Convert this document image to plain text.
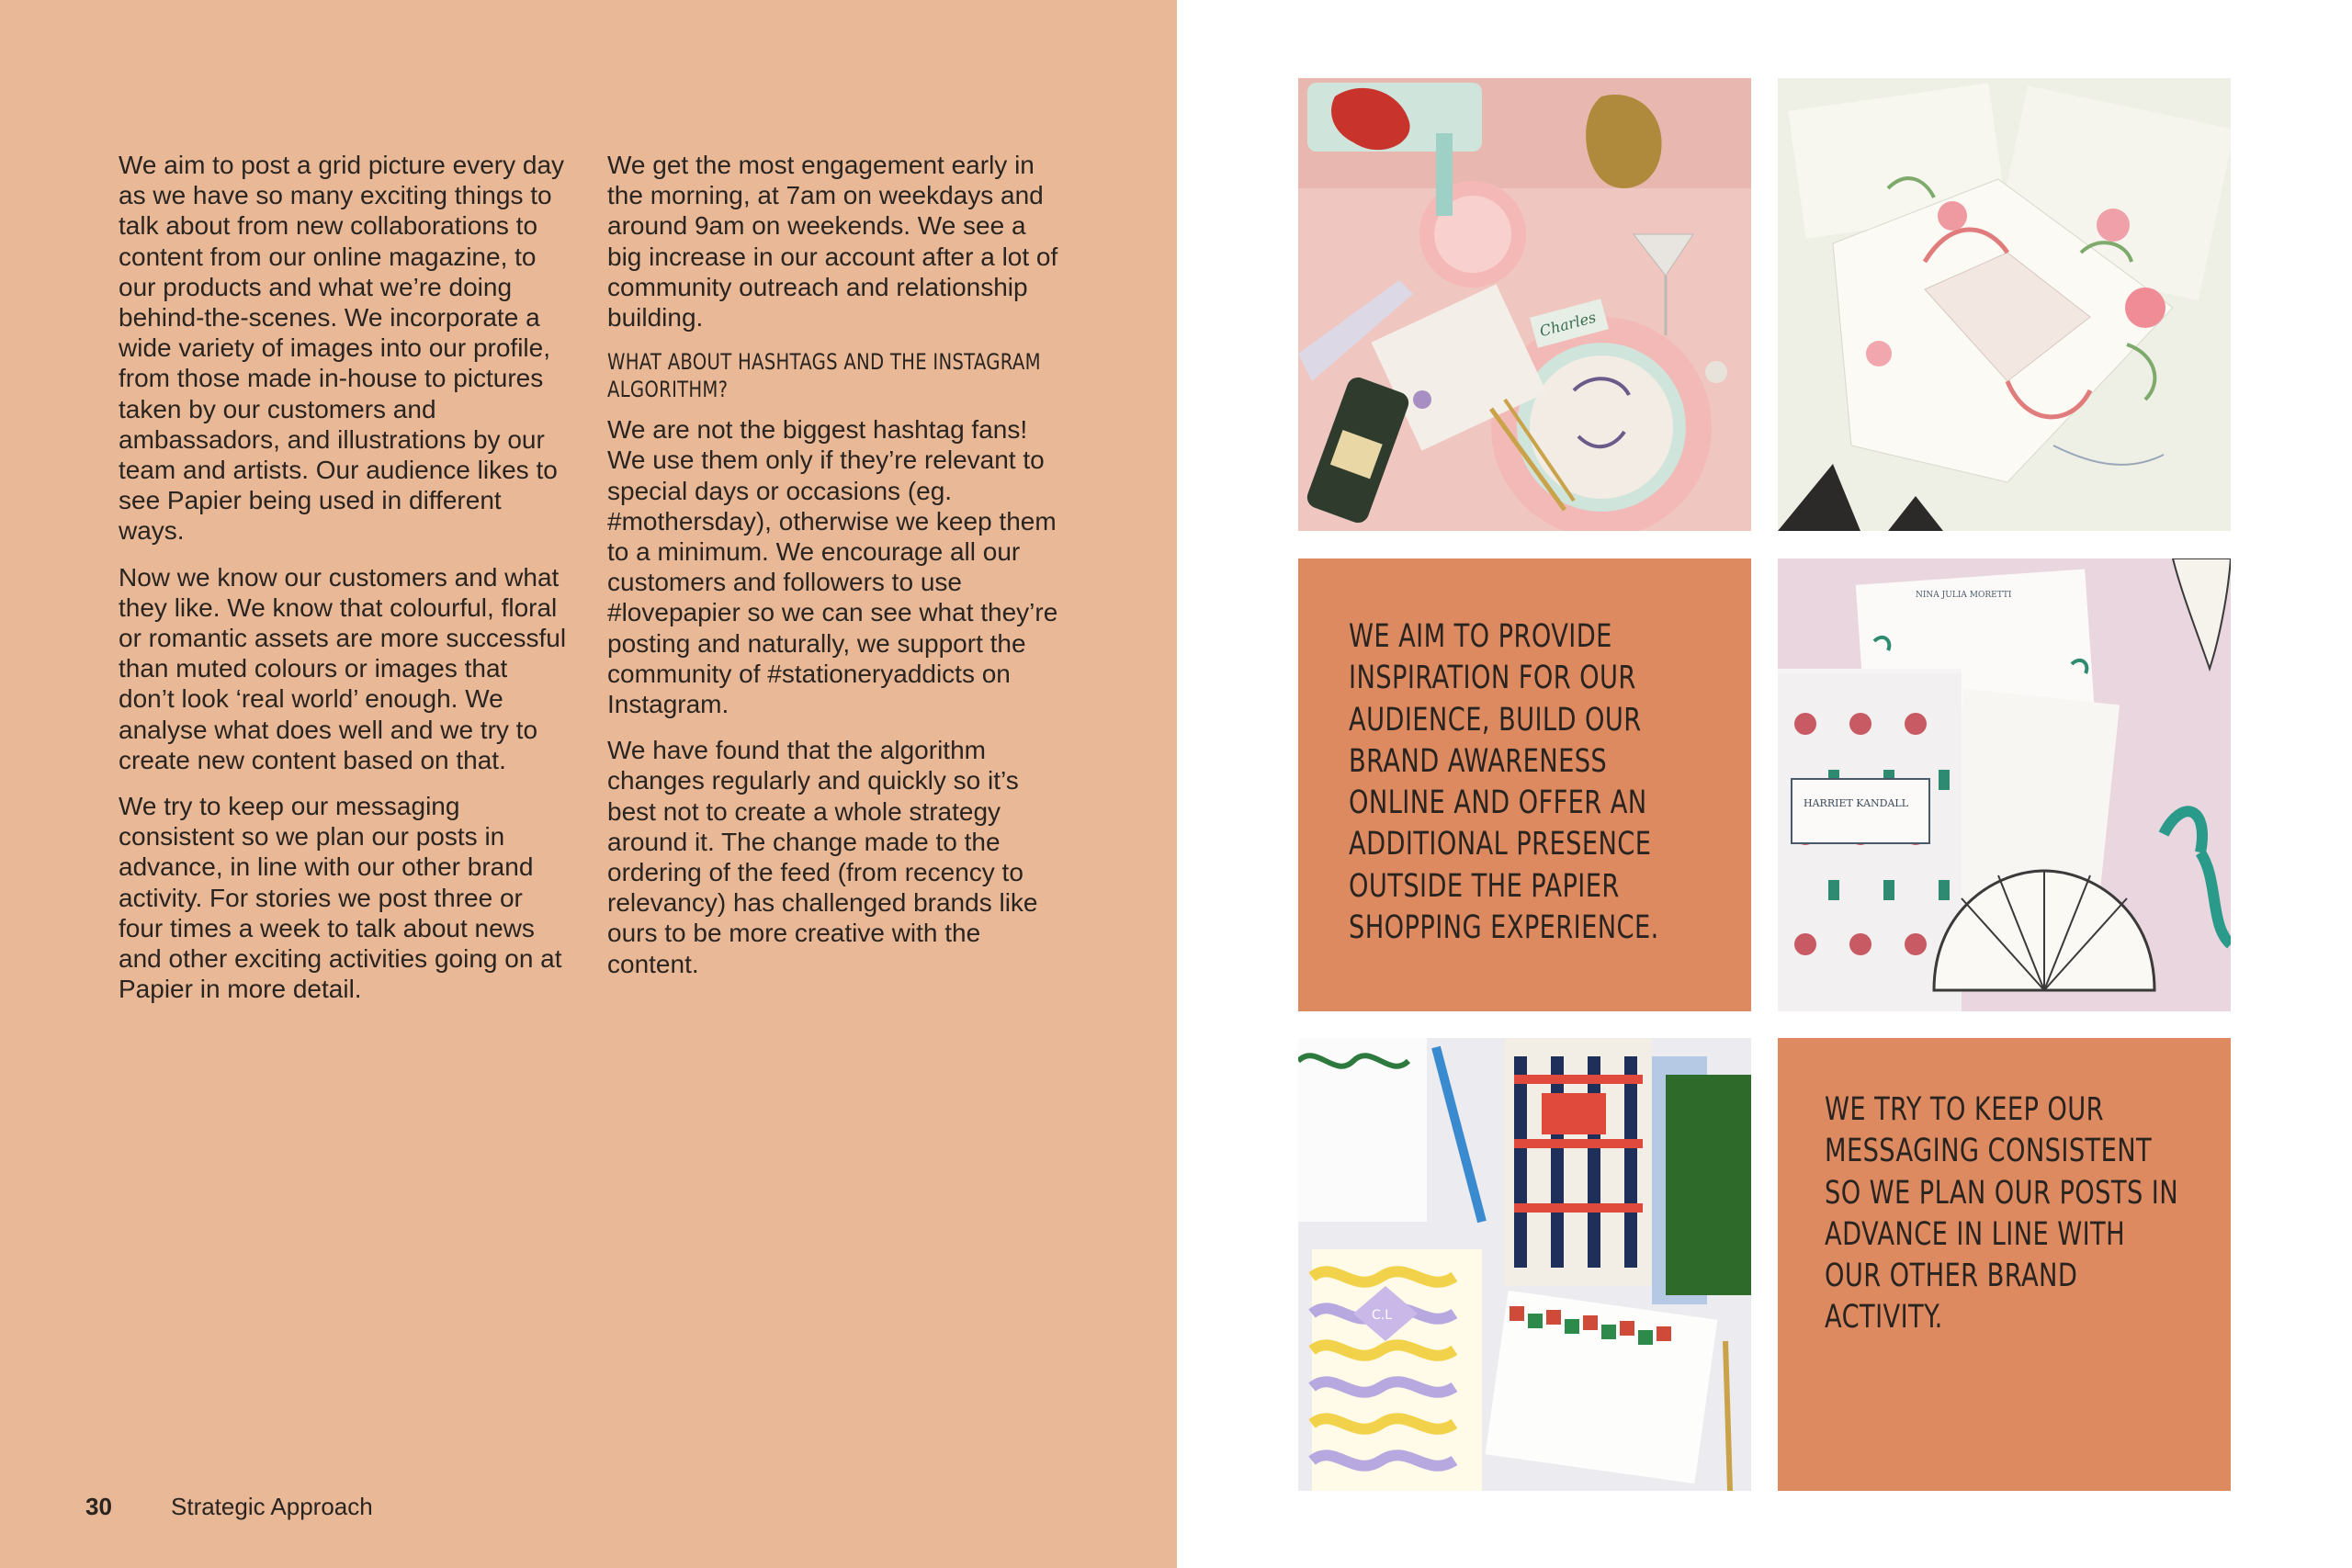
We aim to post a grid picture every day as we have so many exciting things to talk about from new collaborations to content from our online magazine, to our products and what we’re doing behind-the-scenes. We incorporate a wide variety of images into our profile, from those made in-house to pictures taken by our customers and ambassadors, and illustrations by our team and artists. Our audience likes to see Papier being used in different ways.

Now we know our customers and what they like. We know that colourful, floral or romantic assets are more successful than muted colours or images that don’t look ‘real world’ enough. We analyse what does well and we try to create new content based on that.

We try to keep our messaging consistent so we plan our posts in advance, in line with our other brand activity. For stories we post three or four times a week to talk about news and other exciting activities going on at Papier in more detail.

We get the most engagement early in the morning, at 7am on weekdays and around 9am on weekends. We see a big increase in our account after a lot of community outreach and relationship building.

WHAT ABOUT HASHTAGS AND THE INSTAGRAM ALGORITHM?

We are not the biggest hashtag fans! We use them only if they’re relevant to special days or occasions (eg. #mothersday), otherwise we keep them to a minimum. We encourage all our customers and followers to use #lovepapier so we can see what they’re posting and naturally, we support the community of #stationeryaddicts on Instagram.

We have found that the algorithm changes regularly and quickly so it’s best not to create a whole strategy around it. The change made to the ordering of the feed (from recency to relevancy) has challenged brands like ours to be more creative with the content.

30 Strategic Approach
Charles
WE AIM TO PROVIDE INSPIRATION FOR OUR AUDIENCE, BUILD OUR BRAND AWARENESS ONLINE AND OFFER AN ADDITIONAL PRESENCE OUTSIDE THE PAPIER SHOPPING EXPERIENCE.
NINA JULIA MORETTI
HARRIET KANDALL
C.L
WE TRY TO KEEP OUR MESSAGING CONSISTENT SO WE PLAN OUR POSTS IN ADVANCE IN LINE WITH OUR OTHER BRAND ACTIVITY.
